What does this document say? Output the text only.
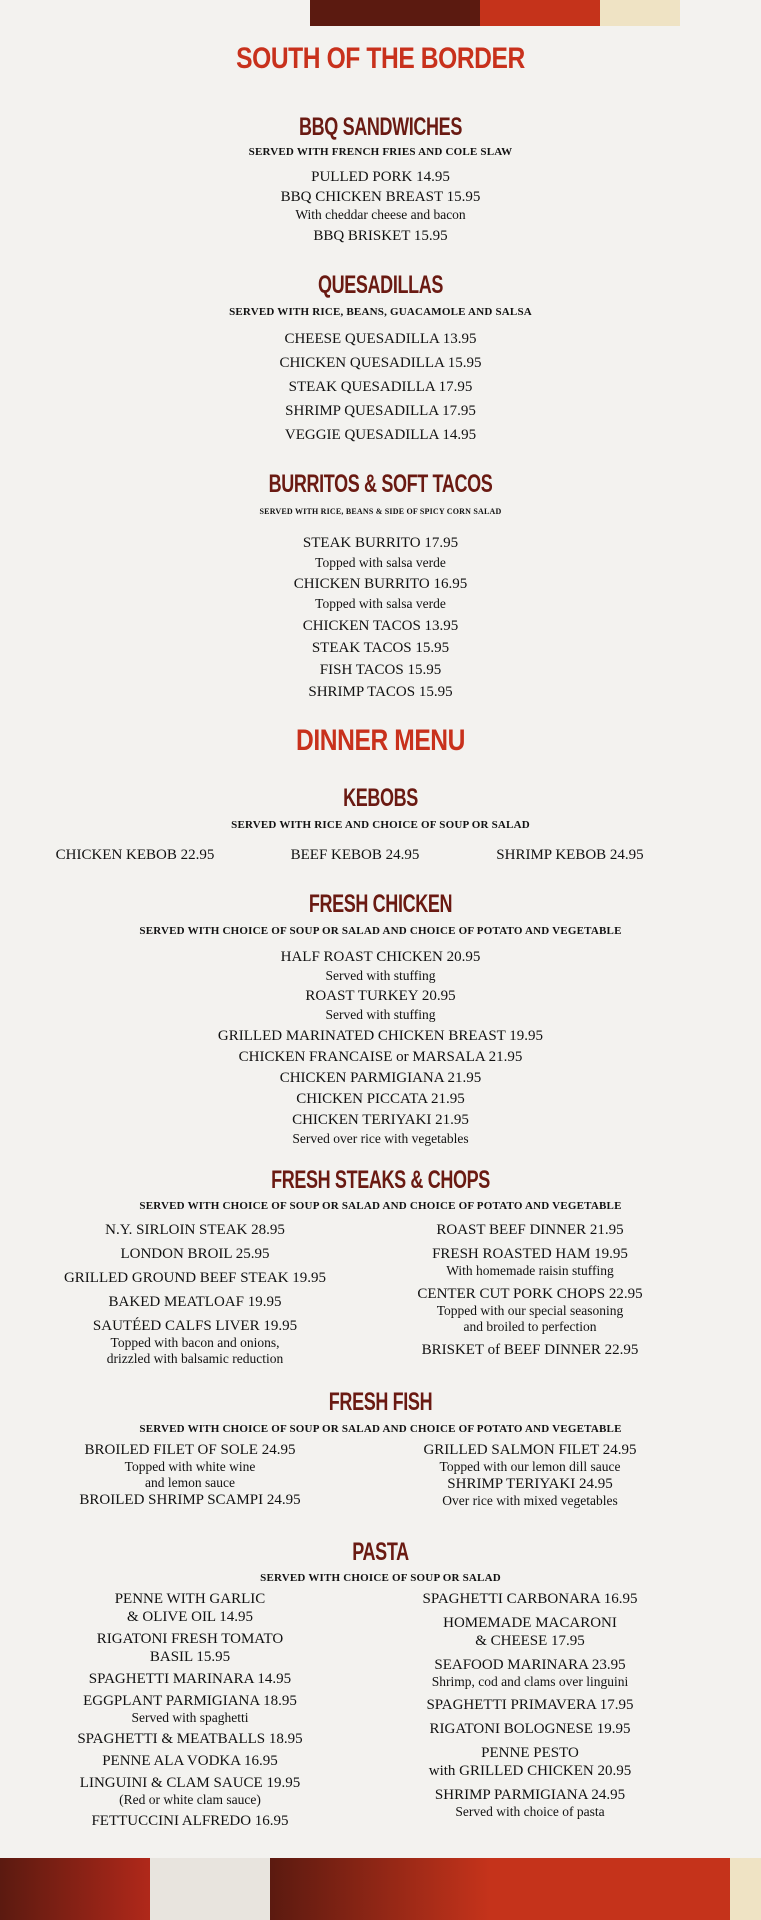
SOUTH OF THE BORDER
BBQ SANDWICHES
SERVED WITH FRENCH FRIES AND COLE SLAW
PULLED PORK 14.95
BBQ CHICKEN BREAST 15.95
With cheddar cheese and bacon
BBQ BRISKET 15.95
QUESADILLAS
SERVED WITH RICE, BEANS, GUACAMOLE AND SALSA
CHEESE QUESADILLA 13.95
CHICKEN QUESADILLA 15.95
STEAK QUESADILLA 17.95
SHRIMP QUESADILLA 17.95
VEGGIE QUESADILLA 14.95
BURRITOS & SOFT TACOS
SERVED WITH RICE, BEANS & SIDE OF SPICY CORN SALAD
STEAK BURRITO 17.95
Topped with salsa verde
CHICKEN BURRITO 16.95
Topped with salsa verde
CHICKEN TACOS 13.95
STEAK TACOS 15.95
FISH TACOS 15.95
SHRIMP TACOS 15.95
DINNER MENU
KEBOBS
SERVED WITH RICE AND CHOICE OF SOUP OR SALAD
CHICKEN KEBOB 22.95	BEEF KEBOB 24.95	SHRIMP KEBOB 24.95
FRESH CHICKEN
SERVED WITH CHOICE OF SOUP OR SALAD AND CHOICE OF POTATO AND VEGETABLE
HALF ROAST CHICKEN 20.95
Served with stuffing
ROAST TURKEY 20.95
Served with stuffing
GRILLED MARINATED CHICKEN BREAST 19.95
CHICKEN FRANCAISE or MARSALA 21.95
CHICKEN PARMIGIANA 21.95
CHICKEN PICCATA 21.95
CHICKEN TERIYAKI 21.95
Served over rice with vegetables
FRESH STEAKS & CHOPS
SERVED WITH CHOICE OF SOUP OR SALAD AND CHOICE OF POTATO AND VEGETABLE
N.Y. SIRLOIN STEAK 28.95
LONDON BROIL 25.95
GRILLED GROUND BEEF STEAK 19.95
BAKED MEATLOAF 19.95
SAUTÉED CALFS LIVER 19.95
Topped with bacon and onions,
drizzled with balsamic reduction
ROAST BEEF DINNER 21.95
FRESH ROASTED HAM 19.95
With homemade raisin stuffing
CENTER CUT PORK CHOPS 22.95
Topped with our special seasoning
and broiled to perfection
BRISKET of BEEF DINNER 22.95
FRESH FISH
SERVED WITH CHOICE OF SOUP OR SALAD AND CHOICE OF POTATO AND VEGETABLE
BROILED FILET OF SOLE 24.95
Topped with white wine
and lemon sauce
BROILED SHRIMP SCAMPI 24.95
GRILLED SALMON FILET 24.95
Topped with our lemon dill sauce
SHRIMP TERIYAKI 24.95
Over rice with mixed vegetables
PASTA
SERVED WITH CHOICE OF SOUP OR SALAD
PENNE WITH GARLIC
& OLIVE OIL 14.95
RIGATONI FRESH TOMATO
BASIL 15.95
SPAGHETTI MARINARA 14.95
EGGPLANT PARMIGIANA 18.95
Served with spaghetti
SPAGHETTI & MEATBALLS 18.95
PENNE ALA VODKA 16.95
LINGUINI & CLAM SAUCE 19.95
(Red or white clam sauce)
FETTUCCINI ALFREDO 16.95
SPAGHETTI CARBONARA 16.95
HOMEMADE MACARONI
& CHEESE 17.95
SEAFOOD MARINARA 23.95
Shrimp, cod and clams over linguini
SPAGHETTI PRIMAVERA 17.95
RIGATONI BOLOGNESE 19.95
PENNE PESTO
with GRILLED CHICKEN 20.95
SHRIMP PARMIGIANA 24.95
Served with choice of pasta
